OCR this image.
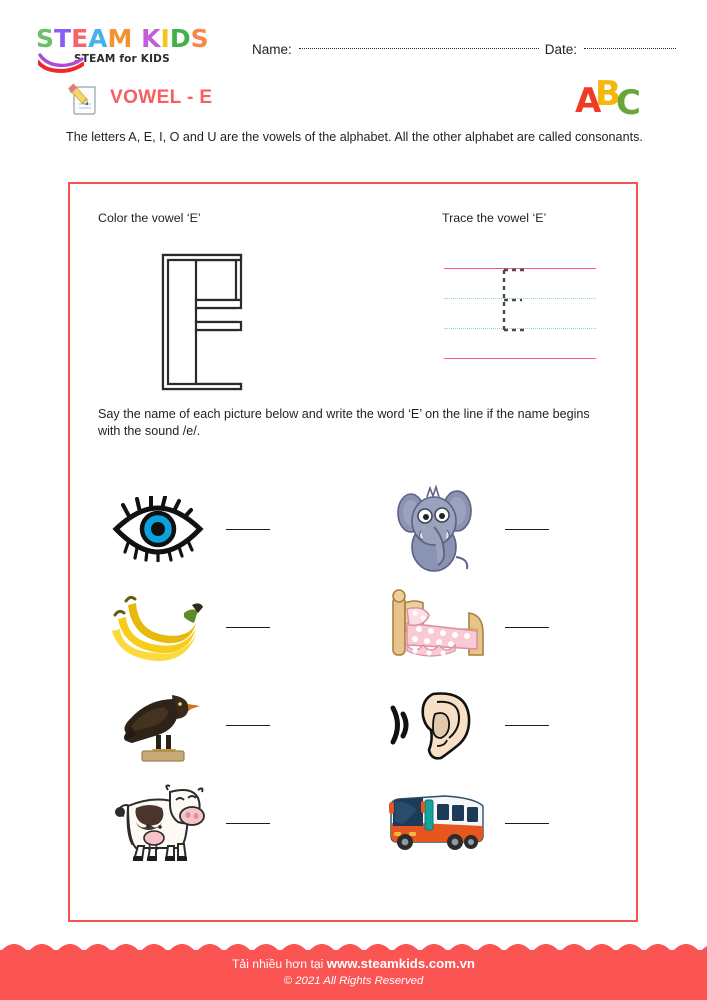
STEAM KIDS
STEAM for KIDS
Name:	Date:
VOWEL - E	A
B
C
The letters A, E, I, O and U are the vowels of the alphabet. All the other alphabet are called consonants.
Color the vowel ‘E’	Trace the vowel ‘E’
Say the name of each picture below and write the word ‘E’ on the line if the name begins with the sound /e/.
Tải nhiều hơn tại www.steamkids.com.vn
© 2021 All Rights Reserved
